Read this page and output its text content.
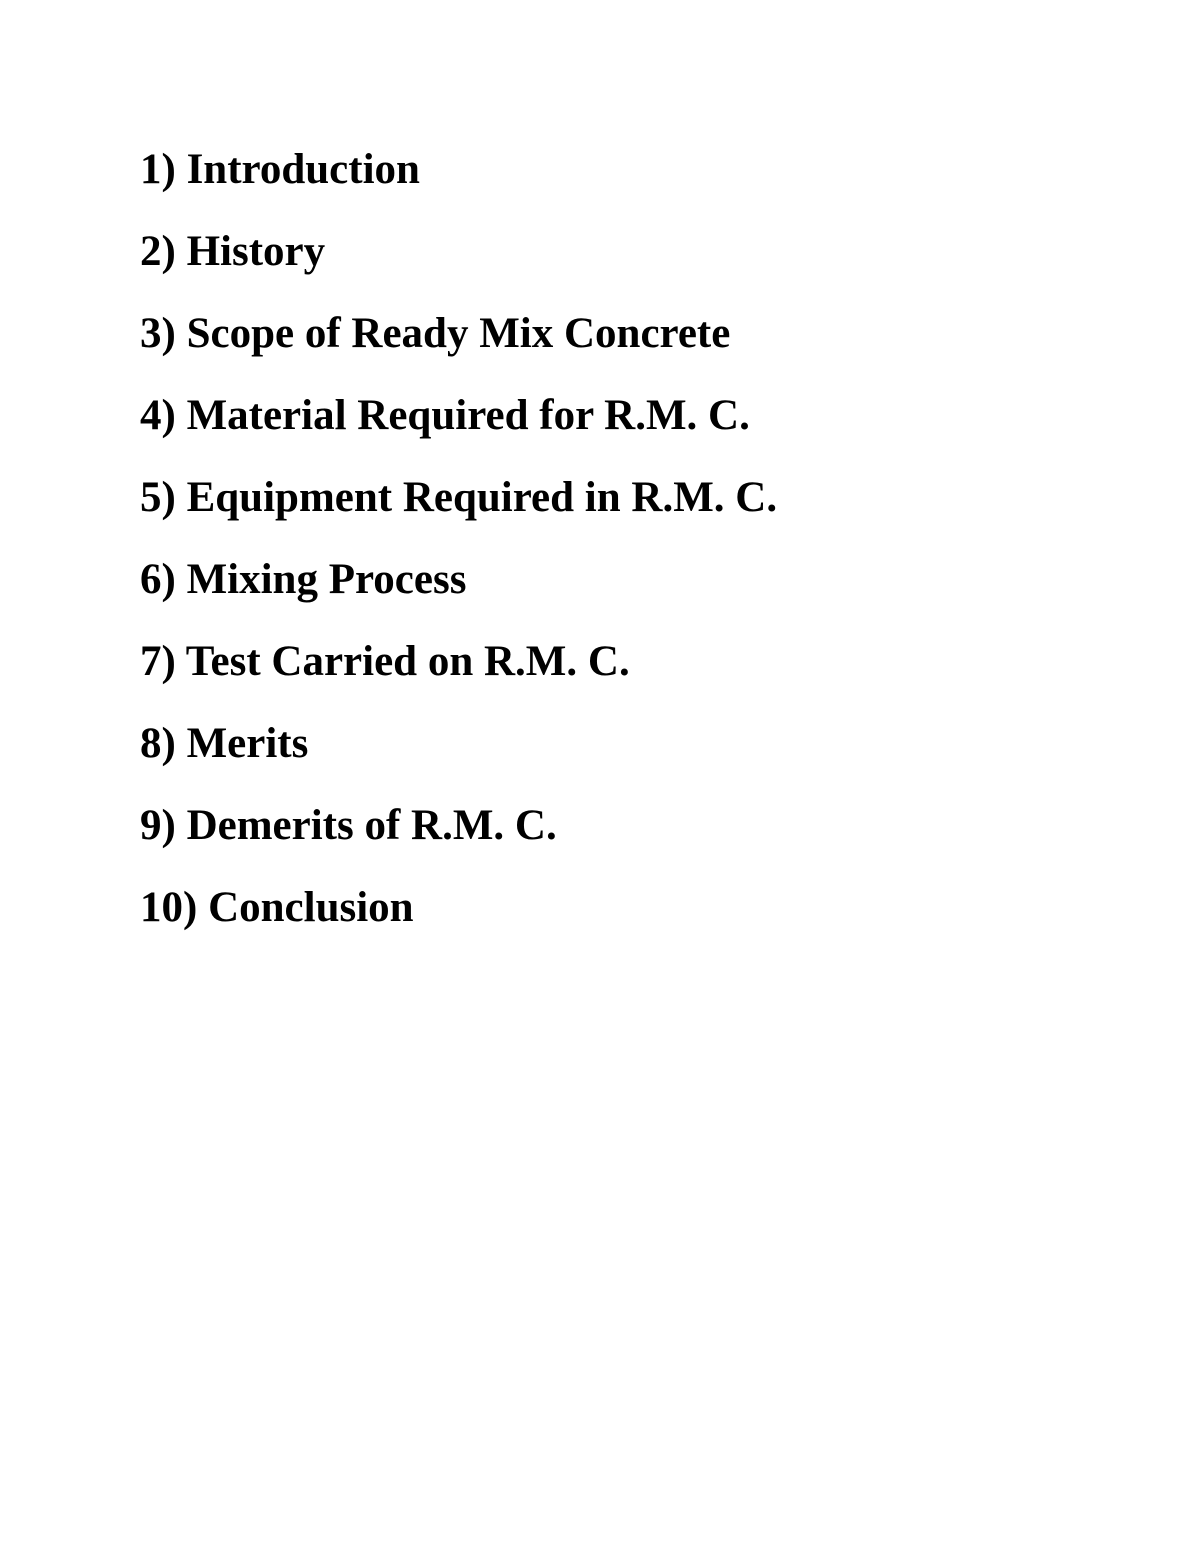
1) Introduction
2) History
3) Scope of Ready Mix Concrete
4) Material Required for R.M. C.
5) Equipment Required in R.M. C.
6) Mixing Process
7) Test Carried on R.M. C.
8) Merits
9) Demerits of R.M. C.
10) Conclusion
